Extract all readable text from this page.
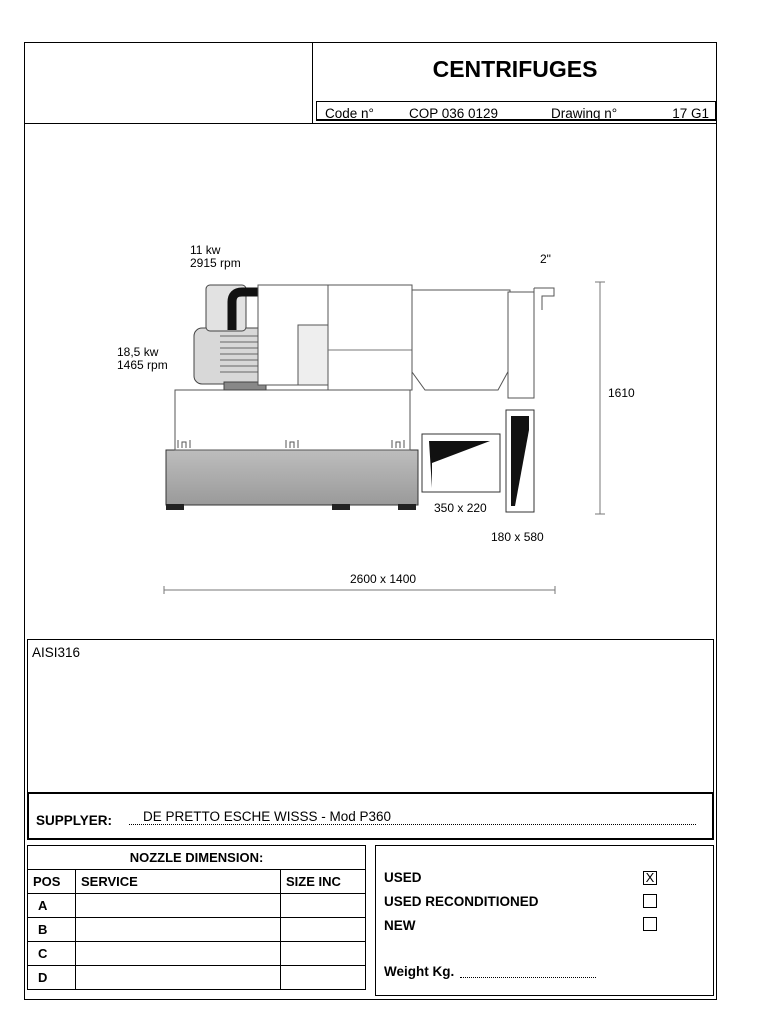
CENTRIFUGES
Code n°	COP 036 0129	Drawing n°	17 G1
11 kw
2915 rpm
18,5 kw
1465 rpm
2"
1610
350 x 220
180 x 580
2600 x 1400
AISI316
SUPPLYER: DE PRETTO ESCHE WISSS - Mod P360
NOZZLE DIMENSION:		
POS	SERVICE	SIZE INC
A		
B		
C		
D		
USED	X
USED RECONDITIONED
NEW
Weight Kg.
